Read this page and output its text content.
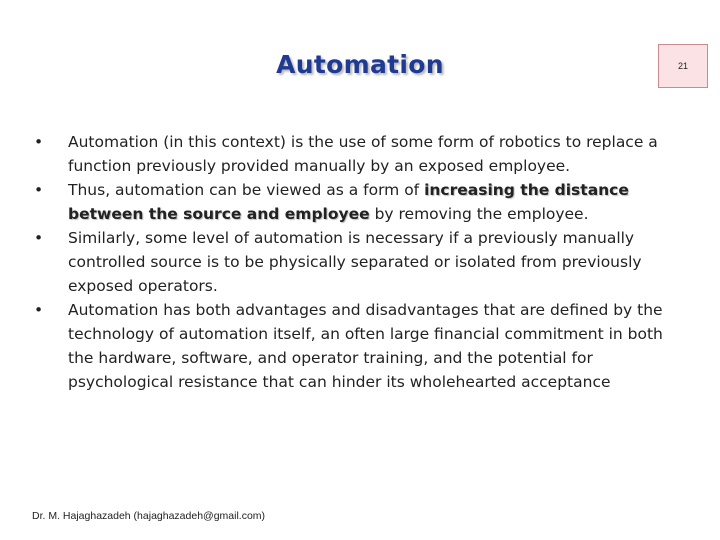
Automation	21
•	Automation (in this context) is the use of some form of robotics to replace a function previously provided manually by an exposed employee.
•	Thus, automation can be viewed as a form of increasing the distance between the source and employee by removing the employee.
•	Similarly, some level of automation is necessary if a previously manually controlled source is to be physically separated or isolated from previously exposed operators.
•	Automation has both advantages and disadvantages that are defined by the technology of automation itself, an often large financial commitment in both the hardware, software, and operator training, and the potential for psychological resistance that can hinder its wholehearted acceptance
Dr. M. Hajaghazadeh (hajaghazadeh@gmail.com)
